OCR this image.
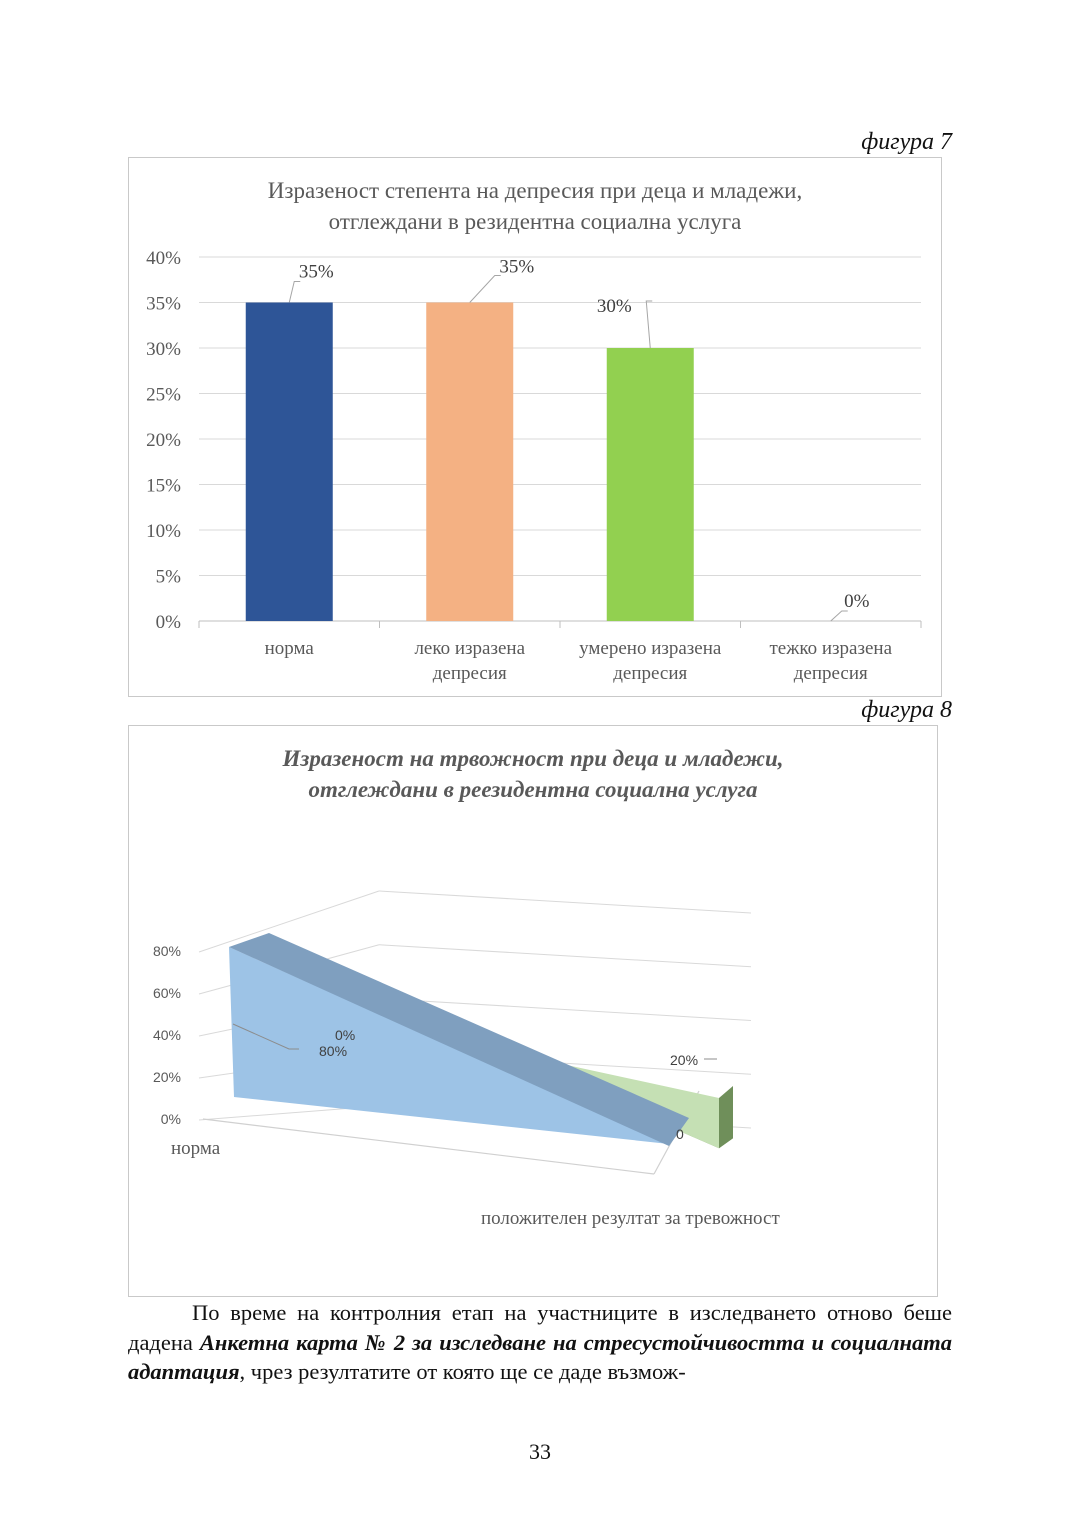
фигура 7
Изразеност степента на депресия при деца и младежи,
отглеждани в резидентна социална услуга
0%
5%
10%
15%
20%
25%
30%
35%
40%
35%
норма
35%
леко изразена
депресия
30%
умерено изразена
депресия
0%
тежко изразена
депресия
фигура 8
Изразеност на трвожност при деца и младежи,
отглеждани в реезидентна социална услуга
0%
20%
40%
60%
80%
80%
0%
20%
0
норма
положителен резултат за тревожност

По време на контролния етап на участниците в изследването отново беше дадена Анкетна карта № 2 за изследване на стресустойчивостта и социалната адаптация, чрез резултатите от която ще се даде възмож-

33
